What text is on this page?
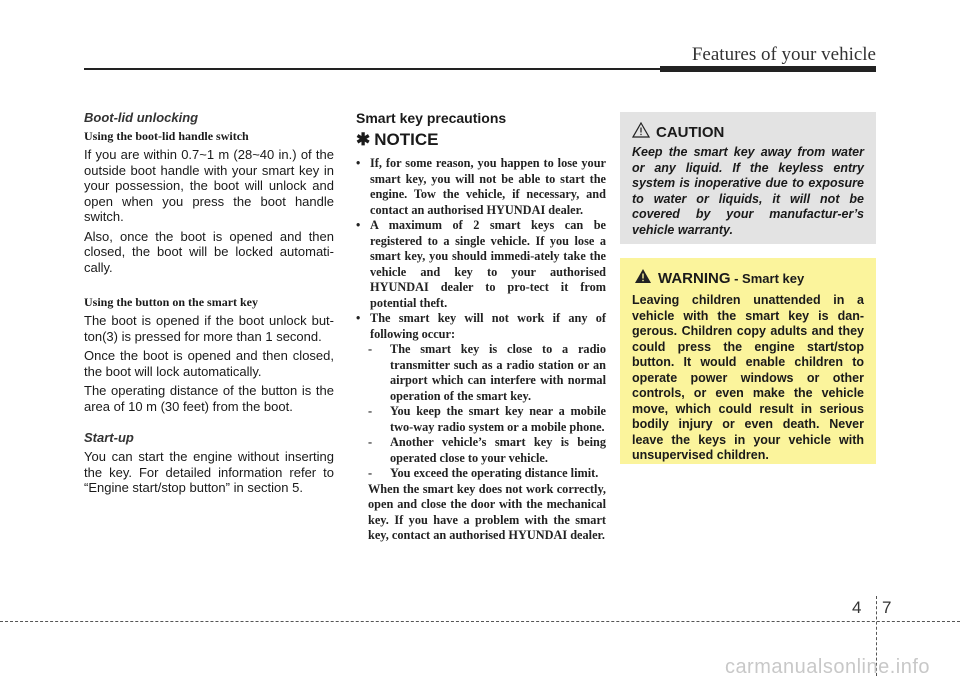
Features of your vehicle
Boot-lid unlocking
Using the boot-lid handle switch

If you are within 0.7~1 m (28~40 in.) of the outside boot handle with your smart key in your possession, the boot will unlock and open when you press the boot handle switch.

Also, once the boot is opened and then closed, the boot will be locked automati-cally.

Using the button on the smart key

The boot is opened if the boot unlock but-ton(3) is pressed for more than 1 second.

Once the boot is opened and then closed, the boot will lock automatically.

The operating distance of the button is the area of 10 m (30 feet) from the boot.

Start-up

You can start the engine without inserting the key. For detailed information refer to “Engine start/stop button” in section 5.

Smart key precautions
✱ NOTICE
• If, for some reason, you happen to lose your smart key, you will not be able to start the engine. Tow the vehicle, if necessary, and contact an authorised HYUNDAI dealer.
• A maximum of 2 smart keys can be registered to a single vehicle. If you lose a smart key, you should immedi-ately take the vehicle and key to your authorised HYUNDAI dealer to pro-tect it from potential theft.
• The smart key will not work if any of following occur:
- The smart key is close to a radio transmitter such as a radio station or an airport which can interfere with normal operation of the smart key.
- You keep the smart key near a mobile two-way radio system or a mobile phone.
- Another vehicle’s smart key is being operated close to your vehicle.
- You exceed the operating distance limit.
When the smart key does not work correctly, open and close the door with the mechanical key. If you have a problem with the smart key, contact an authorised HYUNDAI dealer.
CAUTION
Keep the smart key away from water or any liquid. If the keyless entry system is inoperative due to exposure to water or liquids, it will not be covered by your manufactur-er’s vehicle warranty.
WARNING - Smart key
Leaving children unattended in a vehicle with the smart key is dan-gerous. Children copy adults and they could press the engine start/stop button. It would enable children to operate power windows or other controls, or even make the vehicle move, which could result in serious bodily injury or even death. Never leave the keys in your vehicle with unsupervised children.
4 7
carmanualsonline.info
